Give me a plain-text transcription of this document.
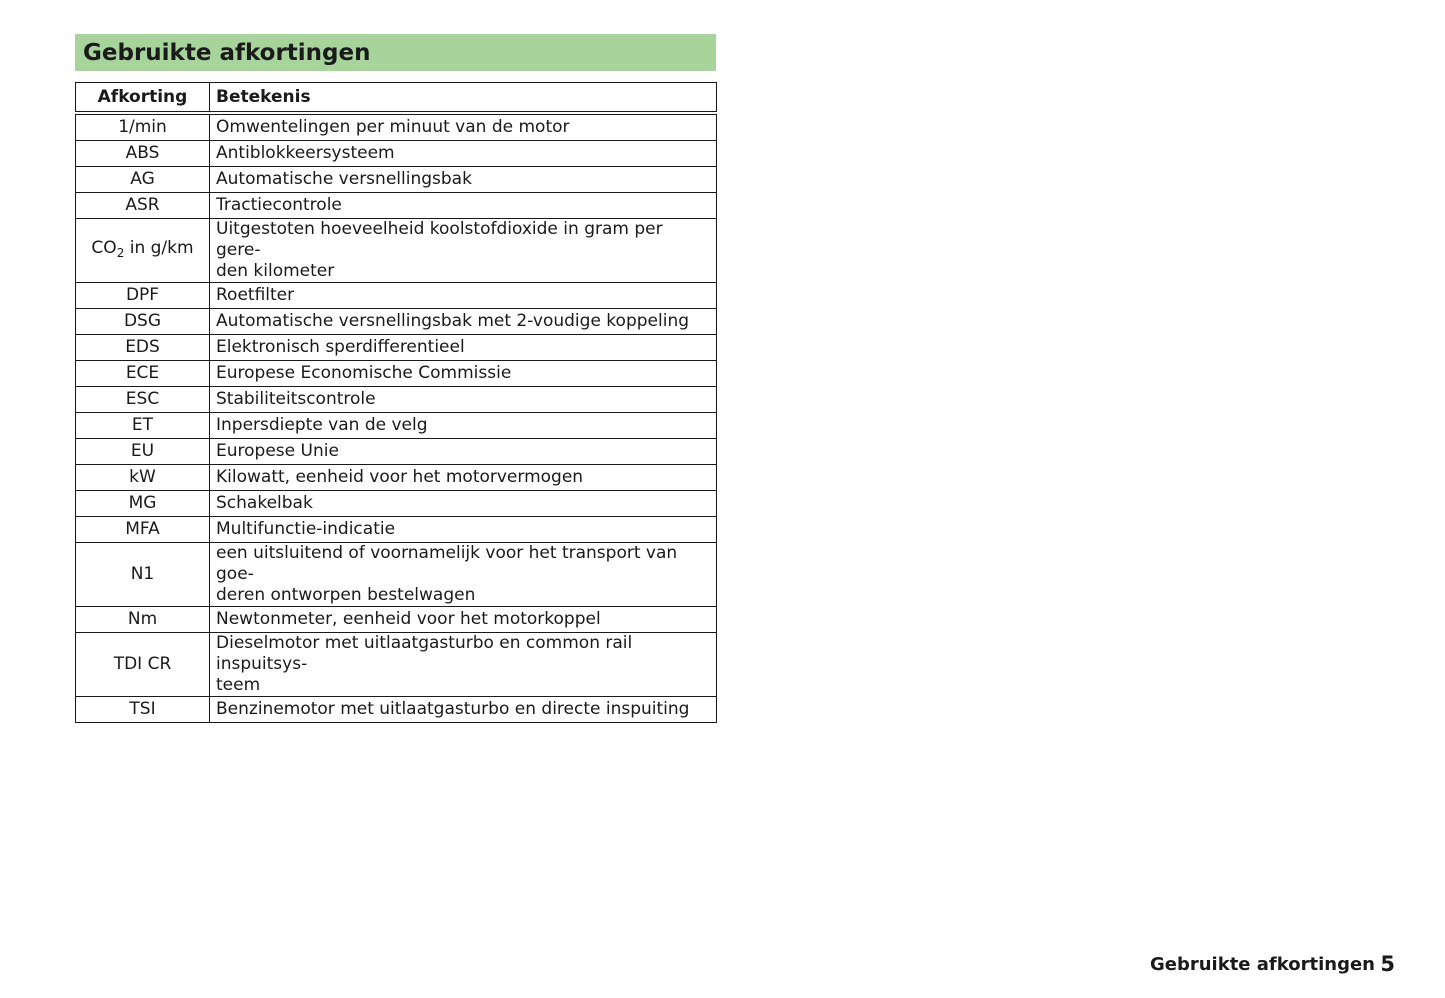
Gebruikte afkortingen
Afkorting	Betekenis
1/min	Omwentelingen per minuut van de motor
ABS	Antiblokkeersysteem
AG	Automatische versnellingsbak
ASR	Tractiecontrole
$CO_2$ in g/km	Uitgestoten hoeveelheid koolstofdioxide in gram per gere-
den kilometer

DPF	Roetfilter
DSG	Automatische versnellingsbak met 2-voudige koppeling
EDS	Elektronisch sperdifferentieel
ECE	Europese Economische Commissie
ESC	Stabiliteitscontrole
ET	Inpersdiepte van de velg
EU	Europese Unie
kW	Kilowatt, eenheid voor het motorvermogen
MG	Schakelbak
MFA	Multifunctie-indicatie
N1	een uitsluitend of voornamelijk voor het transport van goe-
deren ontworpen bestelwagen

Nm	Newtonmeter, eenheid voor het motorkoppel
TDI CR	Dieselmotor met uitlaatgasturbo en common rail inspuitsys-
teem

TSI	Benzinemotor met uitlaatgasturbo en directe inspuiting
Gebruikte afkortingen 5
